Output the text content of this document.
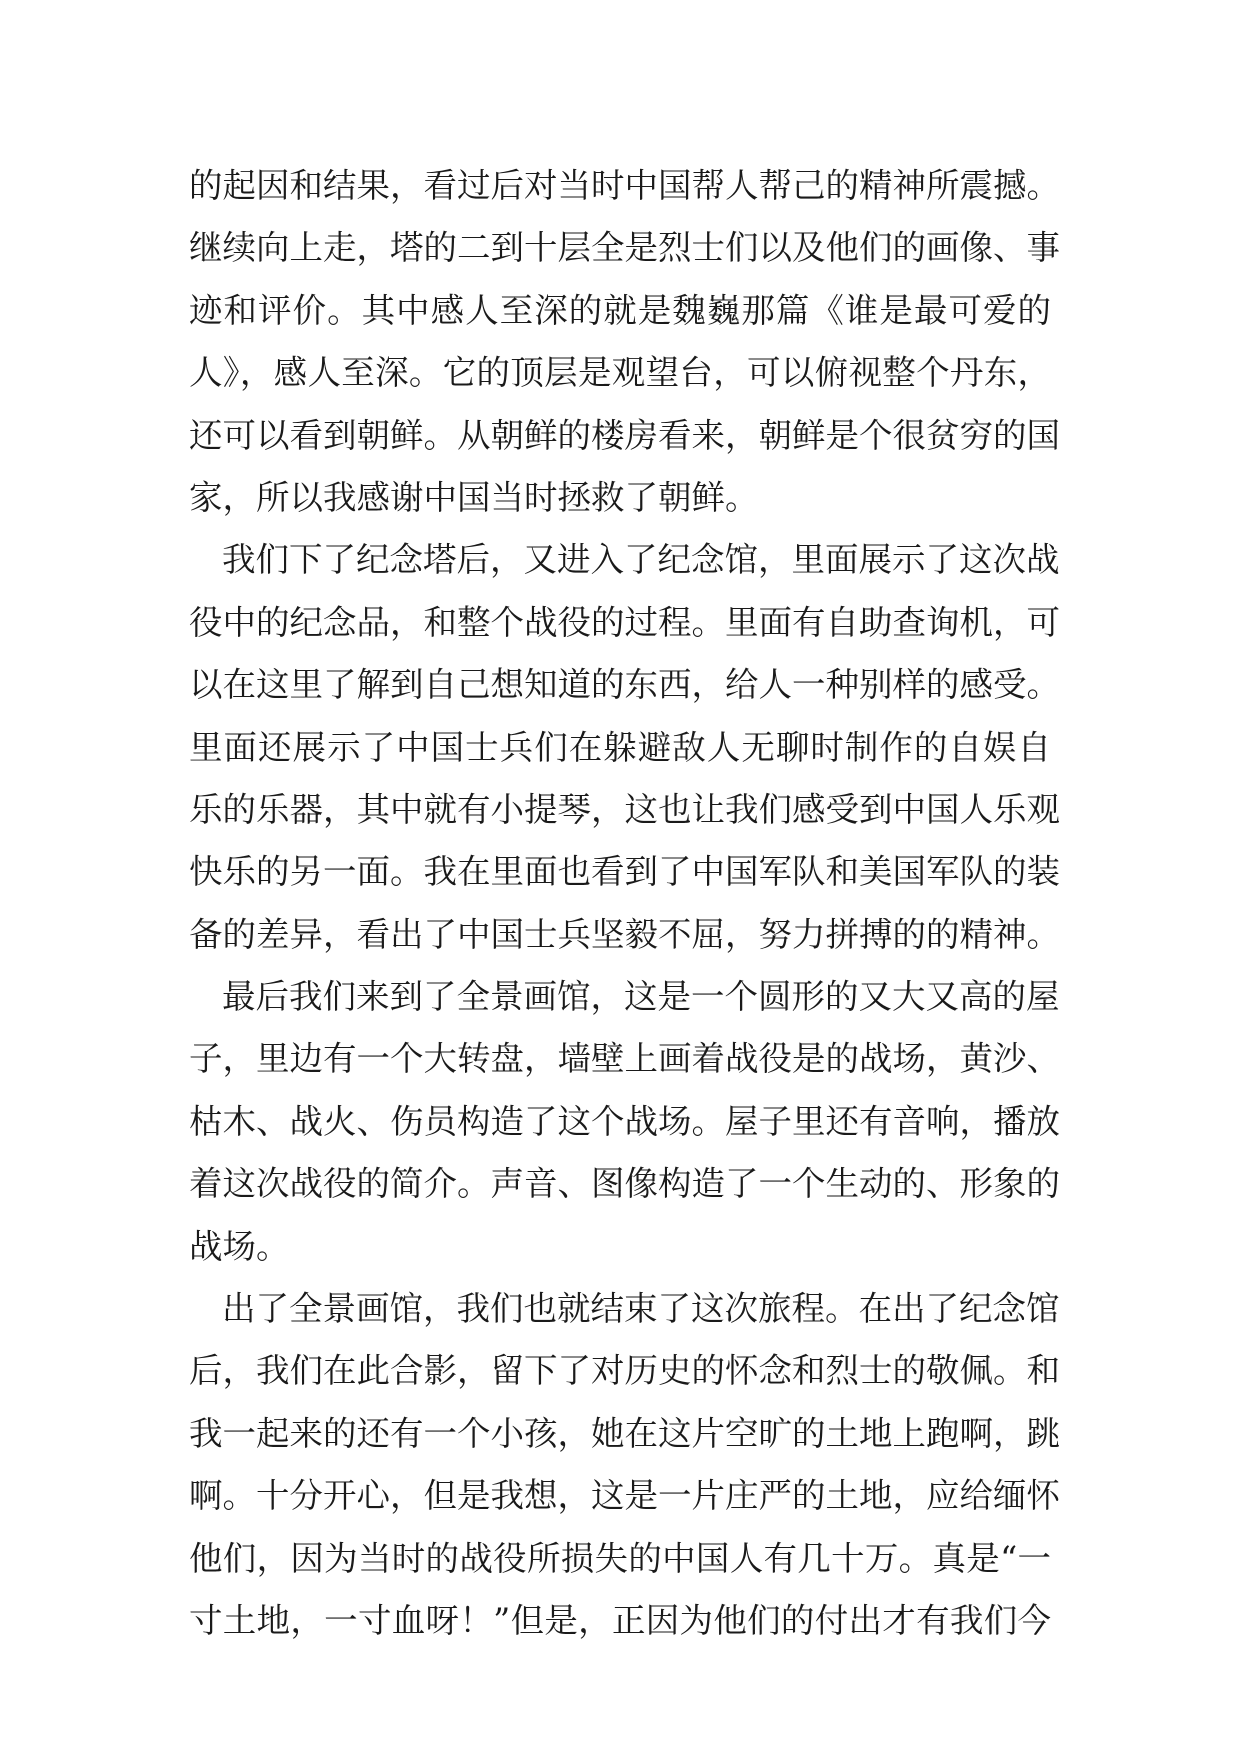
的起因和结果，看过后对当时中国帮人帮己的精神所震撼。
继续向上走，塔的二到十层全是烈士们以及他们的画像、事
迹和评价。其中感人至深的就是魏巍那篇《谁是最可爱的
人》，感人至深。它的顶层是观望台，可以俯视整个丹东，
还可以看到朝鲜。从朝鲜的楼房看来，朝鲜是个很贫穷的国
家，所以我感谢中国当时拯救了朝鲜。
我们下了纪念塔后，又进入了纪念馆，里面展示了这次战
役中的纪念品，和整个战役的过程。里面有自助查询机，可
以在这里了解到自己想知道的东西，给人一种别样的感受。
里面还展示了中国士兵们在躲避敌人无聊时制作的自娱自
乐的乐器，其中就有小提琴，这也让我们感受到中国人乐观
快乐的另一面。我在里面也看到了中国军队和美国军队的装
备的差异，看出了中国士兵坚毅不屈，努力拼搏的的精神。
最后我们来到了全景画馆，这是一个圆形的又大又高的屋
子，里边有一个大转盘，墙壁上画着战役是的战场，黄沙、
枯木、战火、伤员构造了这个战场。屋子里还有音响，播放
着这次战役的简介。声音、图像构造了一个生动的、形象的
战场。
出了全景画馆，我们也就结束了这次旅程。在出了纪念馆
后，我们在此合影，留下了对历史的怀念和烈士的敬佩。和
我一起来的还有一个小孩，她在这片空旷的土地上跑啊，跳
啊。十分开心，但是我想，这是一片庄严的土地，应给缅怀
他们，因为当时的战役所损失的中国人有几十万。真是“一
寸土地，一寸血呀！”但是，正因为他们的付出才有我们今
